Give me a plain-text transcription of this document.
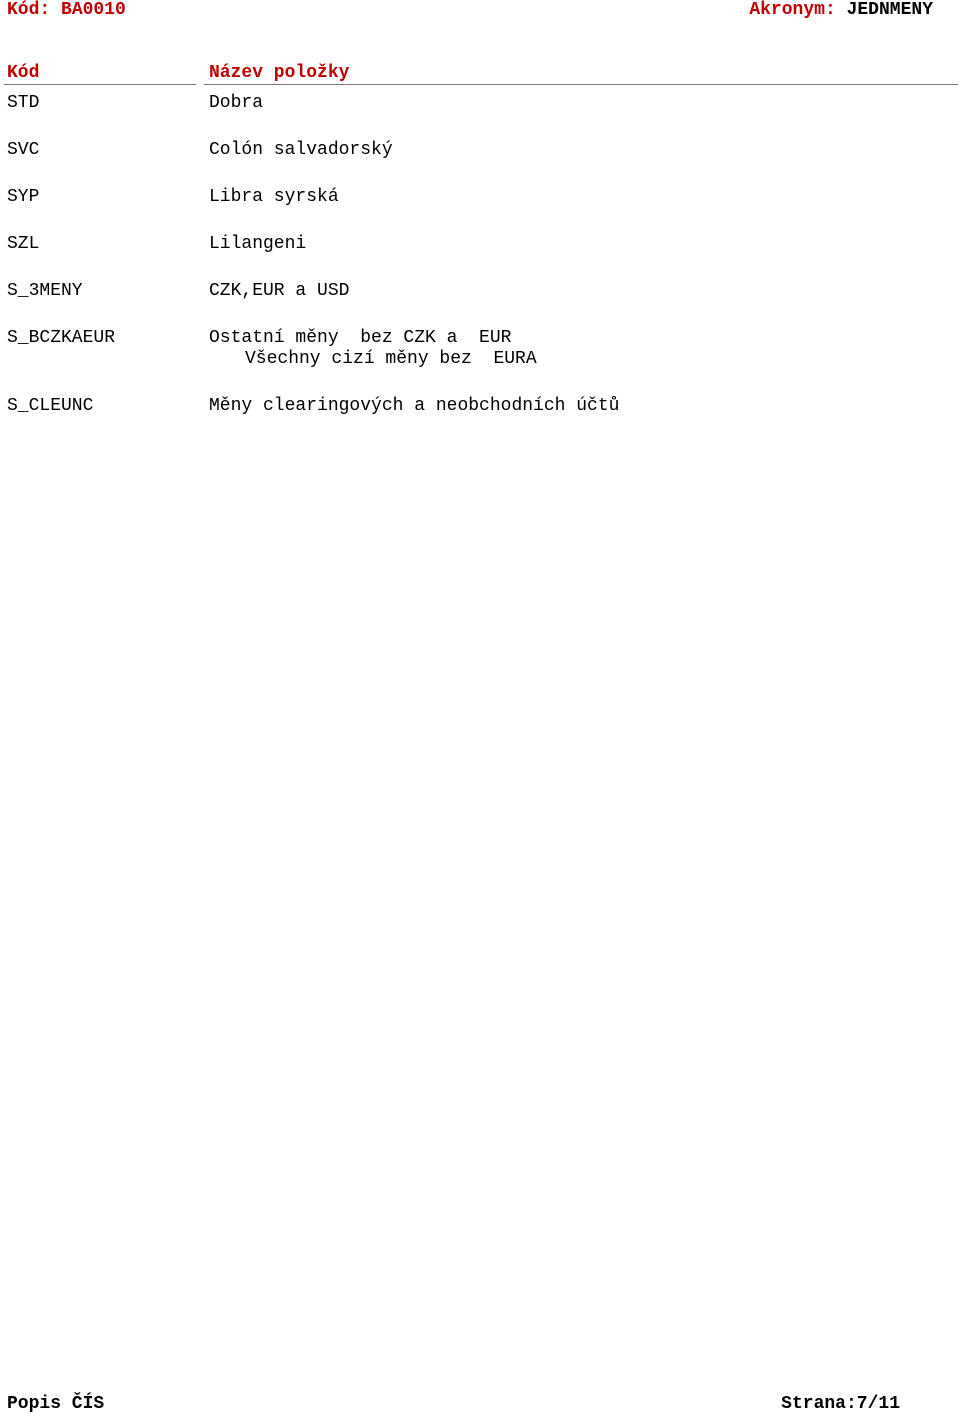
Kód: BA0010	Akronym: JEDNMENY
Kód	Název položky
STD	Dobra
SVC	Colón salvadorský
SYP	Libra syrská
SZL	Lilangeni
S_3MENY	CZK,EUR a USD
S_BCZKAEUR	Ostatní měny  bez CZK a  EUR
Všechny cizí měny bez  EURA
S_CLEUNC	Měny clearingových a neobchodních účtů
Popis ČÍS	Strana:7/11
